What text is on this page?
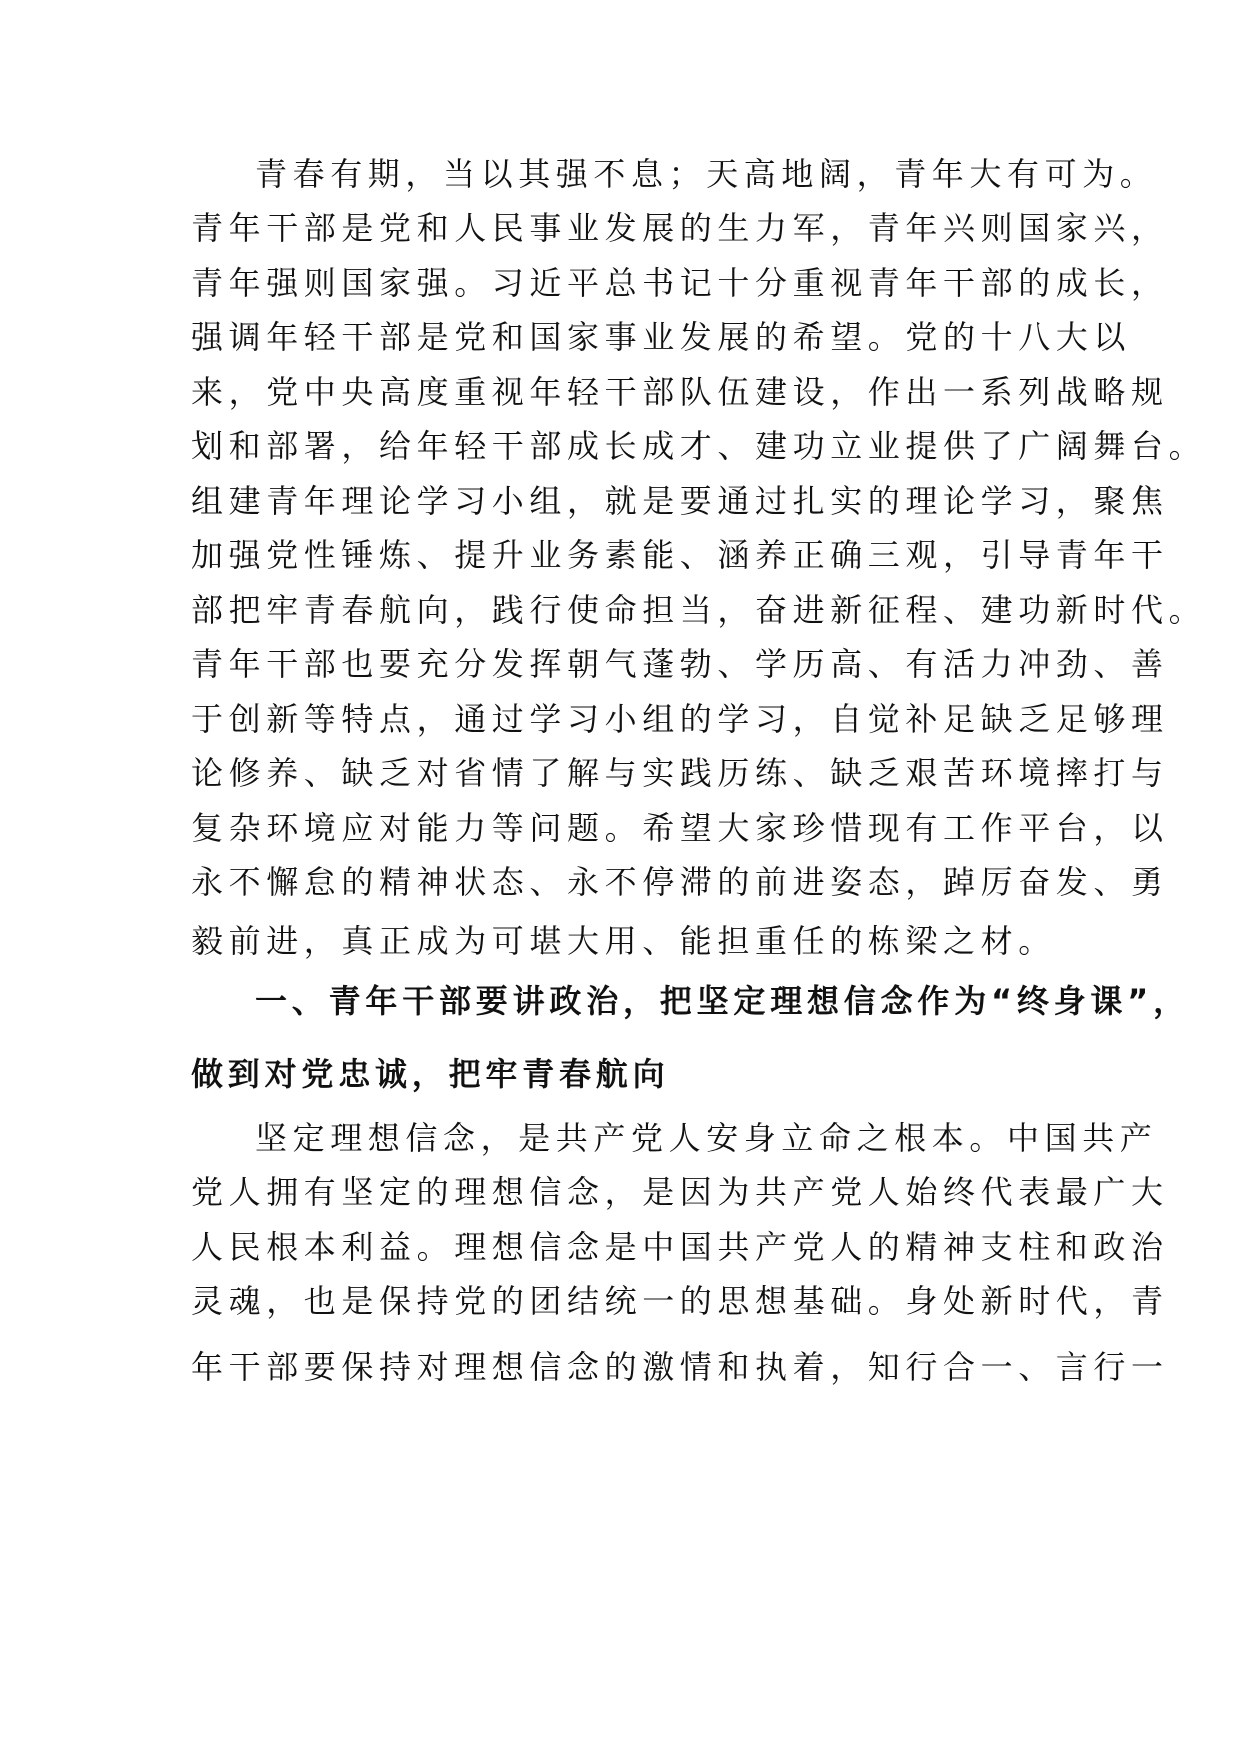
青春有期，当以其强不息；天高地阔，青年大有可为。
青年干部是党和人民事业发展的生力军，青年兴则国家兴，
青年强则国家强。习近平总书记十分重视青年干部的成长，
强调年轻干部是党和国家事业发展的希望。党的十八大以
来，党中央高度重视年轻干部队伍建设，作出一系列战略规
划和部署，给年轻干部成长成才、建功立业提供了广阔舞台。
组建青年理论学习小组，就是要通过扎实的理论学习，聚焦
加强党性锤炼、提升业务素能、涵养正确三观，引导青年干
部把牢青春航向，践行使命担当，奋进新征程、建功新时代。
青年干部也要充分发挥朝气蓬勃、学历高、有活力冲劲、善
于创新等特点，通过学习小组的学习，自觉补足缺乏足够理
论修养、缺乏对省情了解与实践历练、缺乏艰苦环境摔打与
复杂环境应对能力等问题。希望大家珍惜现有工作平台，以
永不懈怠的精神状态、永不停滞的前进姿态，踔厉奋发、勇
毅前进，真正成为可堪大用、能担重任的栋梁之材。
一、青年干部要讲政治，把坚定理想信念作为“终身课”，
做到对党忠诚，把牢青春航向
坚定理想信念，是共产党人安身立命之根本。中国共产
党人拥有坚定的理想信念，是因为共产党人始终代表最广大
人民根本利益。理想信念是中国共产党人的精神支柱和政治
灵魂，也是保持党的团结统一的思想基础。身处新时代，青
年干部要保持对理想信念的激情和执着，知行合一、言行一
